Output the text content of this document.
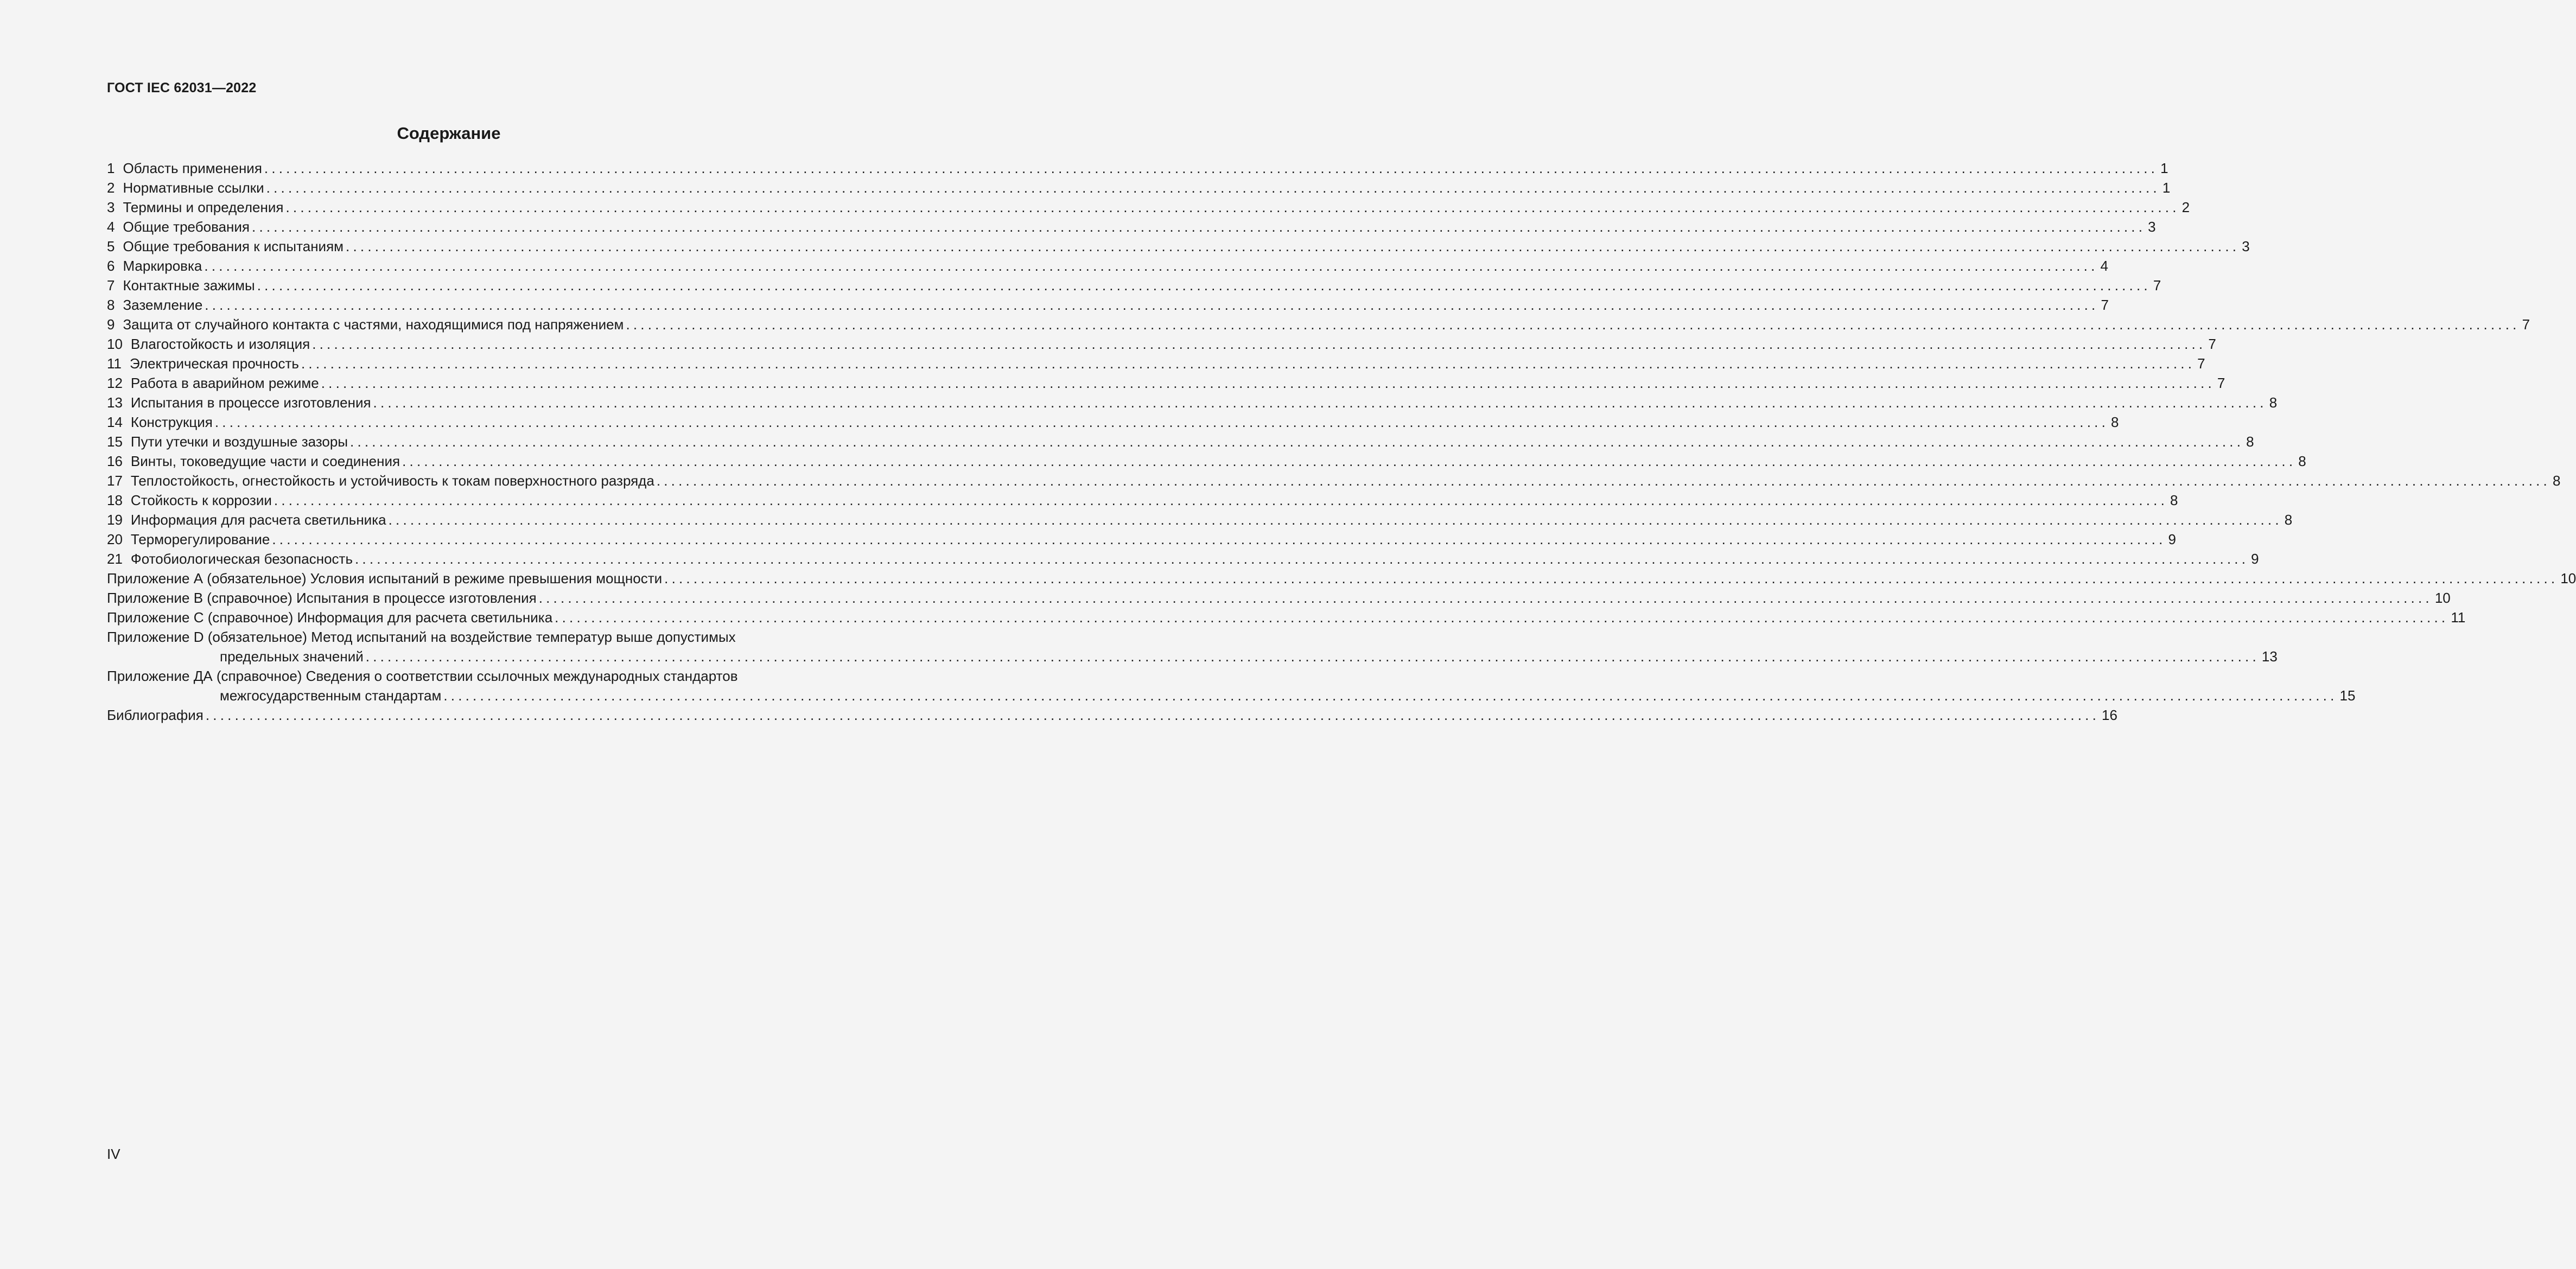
ГОСТ IEC 62031—2022
Содержание
1 Область применения .................................................................................................................................................................................................................................................................... 1
2 Нормативные ссылки .................................................................................................................................................................................................................................................................... 1
3 Термины и определения .................................................................................................................................................................................................................................................................... 2
4 Общие требования .................................................................................................................................................................................................................................................................... 3
5 Общие требования к испытаниям .................................................................................................................................................................................................................................................................... 3
6 Маркировка .................................................................................................................................................................................................................................................................... 4
7 Контактные зажимы .................................................................................................................................................................................................................................................................... 7
8 Заземление .................................................................................................................................................................................................................................................................... 7
9 Защита от случайного контакта с частями, находящимися под напряжением .................................................................................................................................................................................................................................................................... 7
10 Влагостойкость и изоляция .................................................................................................................................................................................................................................................................... 7
11 Электрическая прочность .................................................................................................................................................................................................................................................................... 7
12 Работа в аварийном режиме .................................................................................................................................................................................................................................................................... 7
13 Испытания в процессе изготовления .................................................................................................................................................................................................................................................................... 8
14 Конструкция .................................................................................................................................................................................................................................................................... 8
15 Пути утечки и воздушные зазоры .................................................................................................................................................................................................................................................................... 8
16 Винты, токоведущие части и соединения .................................................................................................................................................................................................................................................................... 8
17 Теплостойкость, огнестойкость и устойчивость к токам поверхностного разряда .................................................................................................................................................................................................................................................................... 8
18 Стойкость к коррозии .................................................................................................................................................................................................................................................................... 8
19 Информация для расчета светильника .................................................................................................................................................................................................................................................................... 8
20 Терморегулирование .................................................................................................................................................................................................................................................................... 9
21 Фотобиологическая безопасность .................................................................................................................................................................................................................................................................... 9
Приложение А (обязательное) Условия испытаний в режиме превышения мощности .................................................................................................................................................................................................................................................................... 10
Приложение В (справочное) Испытания в процессе изготовления .................................................................................................................................................................................................................................................................... 10
Приложение С (справочное) Информация для расчета светильника .................................................................................................................................................................................................................................................................... 11
Приложение D (обязательное) Метод испытаний на воздействие температур выше допустимых
предельных значений .................................................................................................................................................................................................................................................................... 13
Приложение ДА (справочное) Сведения о соответствии ссылочных международных стандартов
межгосударственным стандартам .................................................................................................................................................................................................................................................................... 15
Библиография .................................................................................................................................................................................................................................................................... 16
IV
